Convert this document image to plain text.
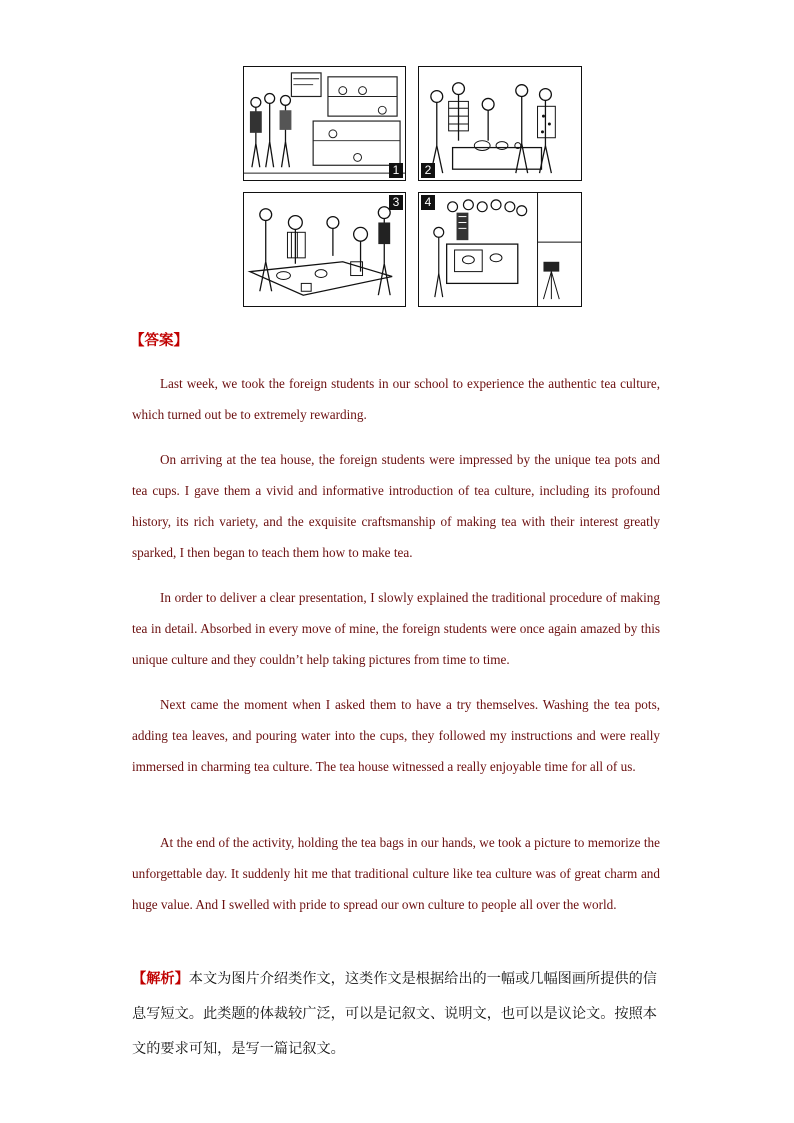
1	2
3	4
【答案】

Last week, we took the foreign students in our school to experience the authentic tea culture, which turned out be to extremely rewarding.

On arriving at the tea house, the foreign students were impressed by the unique tea pots and tea cups. I gave them a vivid and informative introduction of tea culture, including its profound history, its rich variety, and the exquisite craftsmanship of making tea with their interest greatly sparked, I then began to teach them how to make tea.

In order to deliver a clear presentation, I slowly explained the traditional procedure of making tea in detail. Absorbed in every move of mine, the foreign students were once again amazed by this unique culture and they couldn’t help taking pictures from time to time.

Next came the moment when I asked them to have a try themselves. Washing the tea pots, adding tea leaves, and pouring water into the cups, they followed my instructions and were really immersed in charming tea culture. The tea house witnessed a really enjoyable time for all of us.

At the end of the activity, holding the tea bags in our hands, we took a picture to memorize the unforgettable day. It suddenly hit me that traditional culture like tea culture was of great charm and huge value. And I swelled with pride to spread our own culture to people all over the world.

【解析】本文为图片介绍类作文，这类作文是根据给出的一幅或几幅图画所提供的信息写短文。此类题的体裁较广泛，可以是记叙文、说明文，也可以是议论文。按照本文的要求可知，是写一篇记叙文。
